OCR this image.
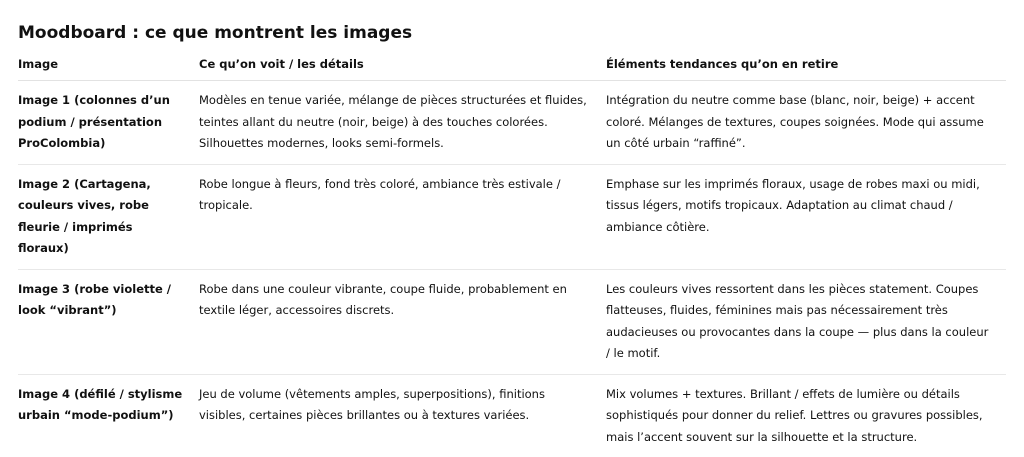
Moodboard : ce que montrent les images
Image	Ce qu’on voit / les détails	Éléments tendances qu’on en retire
Image 1 (colonnes d’un podium / présentation ProColombia)	Modèles en tenue variée, mélange de pièces structurées et fluides, teintes allant du neutre (noir, beige) à des touches colorées. Silhouettes modernes, looks semi-formels.	Intégration du neutre comme base (blanc, noir, beige) + accent coloré. Mélanges de textures, coupes soignées. Mode qui assume un côté urbain “raffiné”.
Image 2 (Cartagena, couleurs vives, robe fleurie / imprimés floraux)	Robe longue à fleurs, fond très coloré, ambiance très estivale / tropicale.	Emphase sur les imprimés floraux, usage de robes maxi ou midi, tissus légers, motifs tropicaux. Adaptation au climat chaud / ambiance côtière.
Image 3 (robe violette / look “vibrant”)	Robe dans une couleur vibrante, coupe fluide, probablement en textile léger, accessoires discrets.	Les couleurs vives ressortent dans les pièces statement. Coupes flatteuses, fluides, féminines mais pas nécessairement très audacieuses ou provocantes dans la coupe — plus dans la couleur / le motif.
Image 4 (défilé / stylisme urbain “mode-podium”)	Jeu de volume (vêtements amples, superpositions), finitions visibles, certaines pièces brillantes ou à textures variées.	Mix volumes + textures. Brillant / effets de lumière ou détails sophistiqués pour donner du relief. Lettres ou gravures possibles, mais l’accent souvent sur la silhouette et la structure.
